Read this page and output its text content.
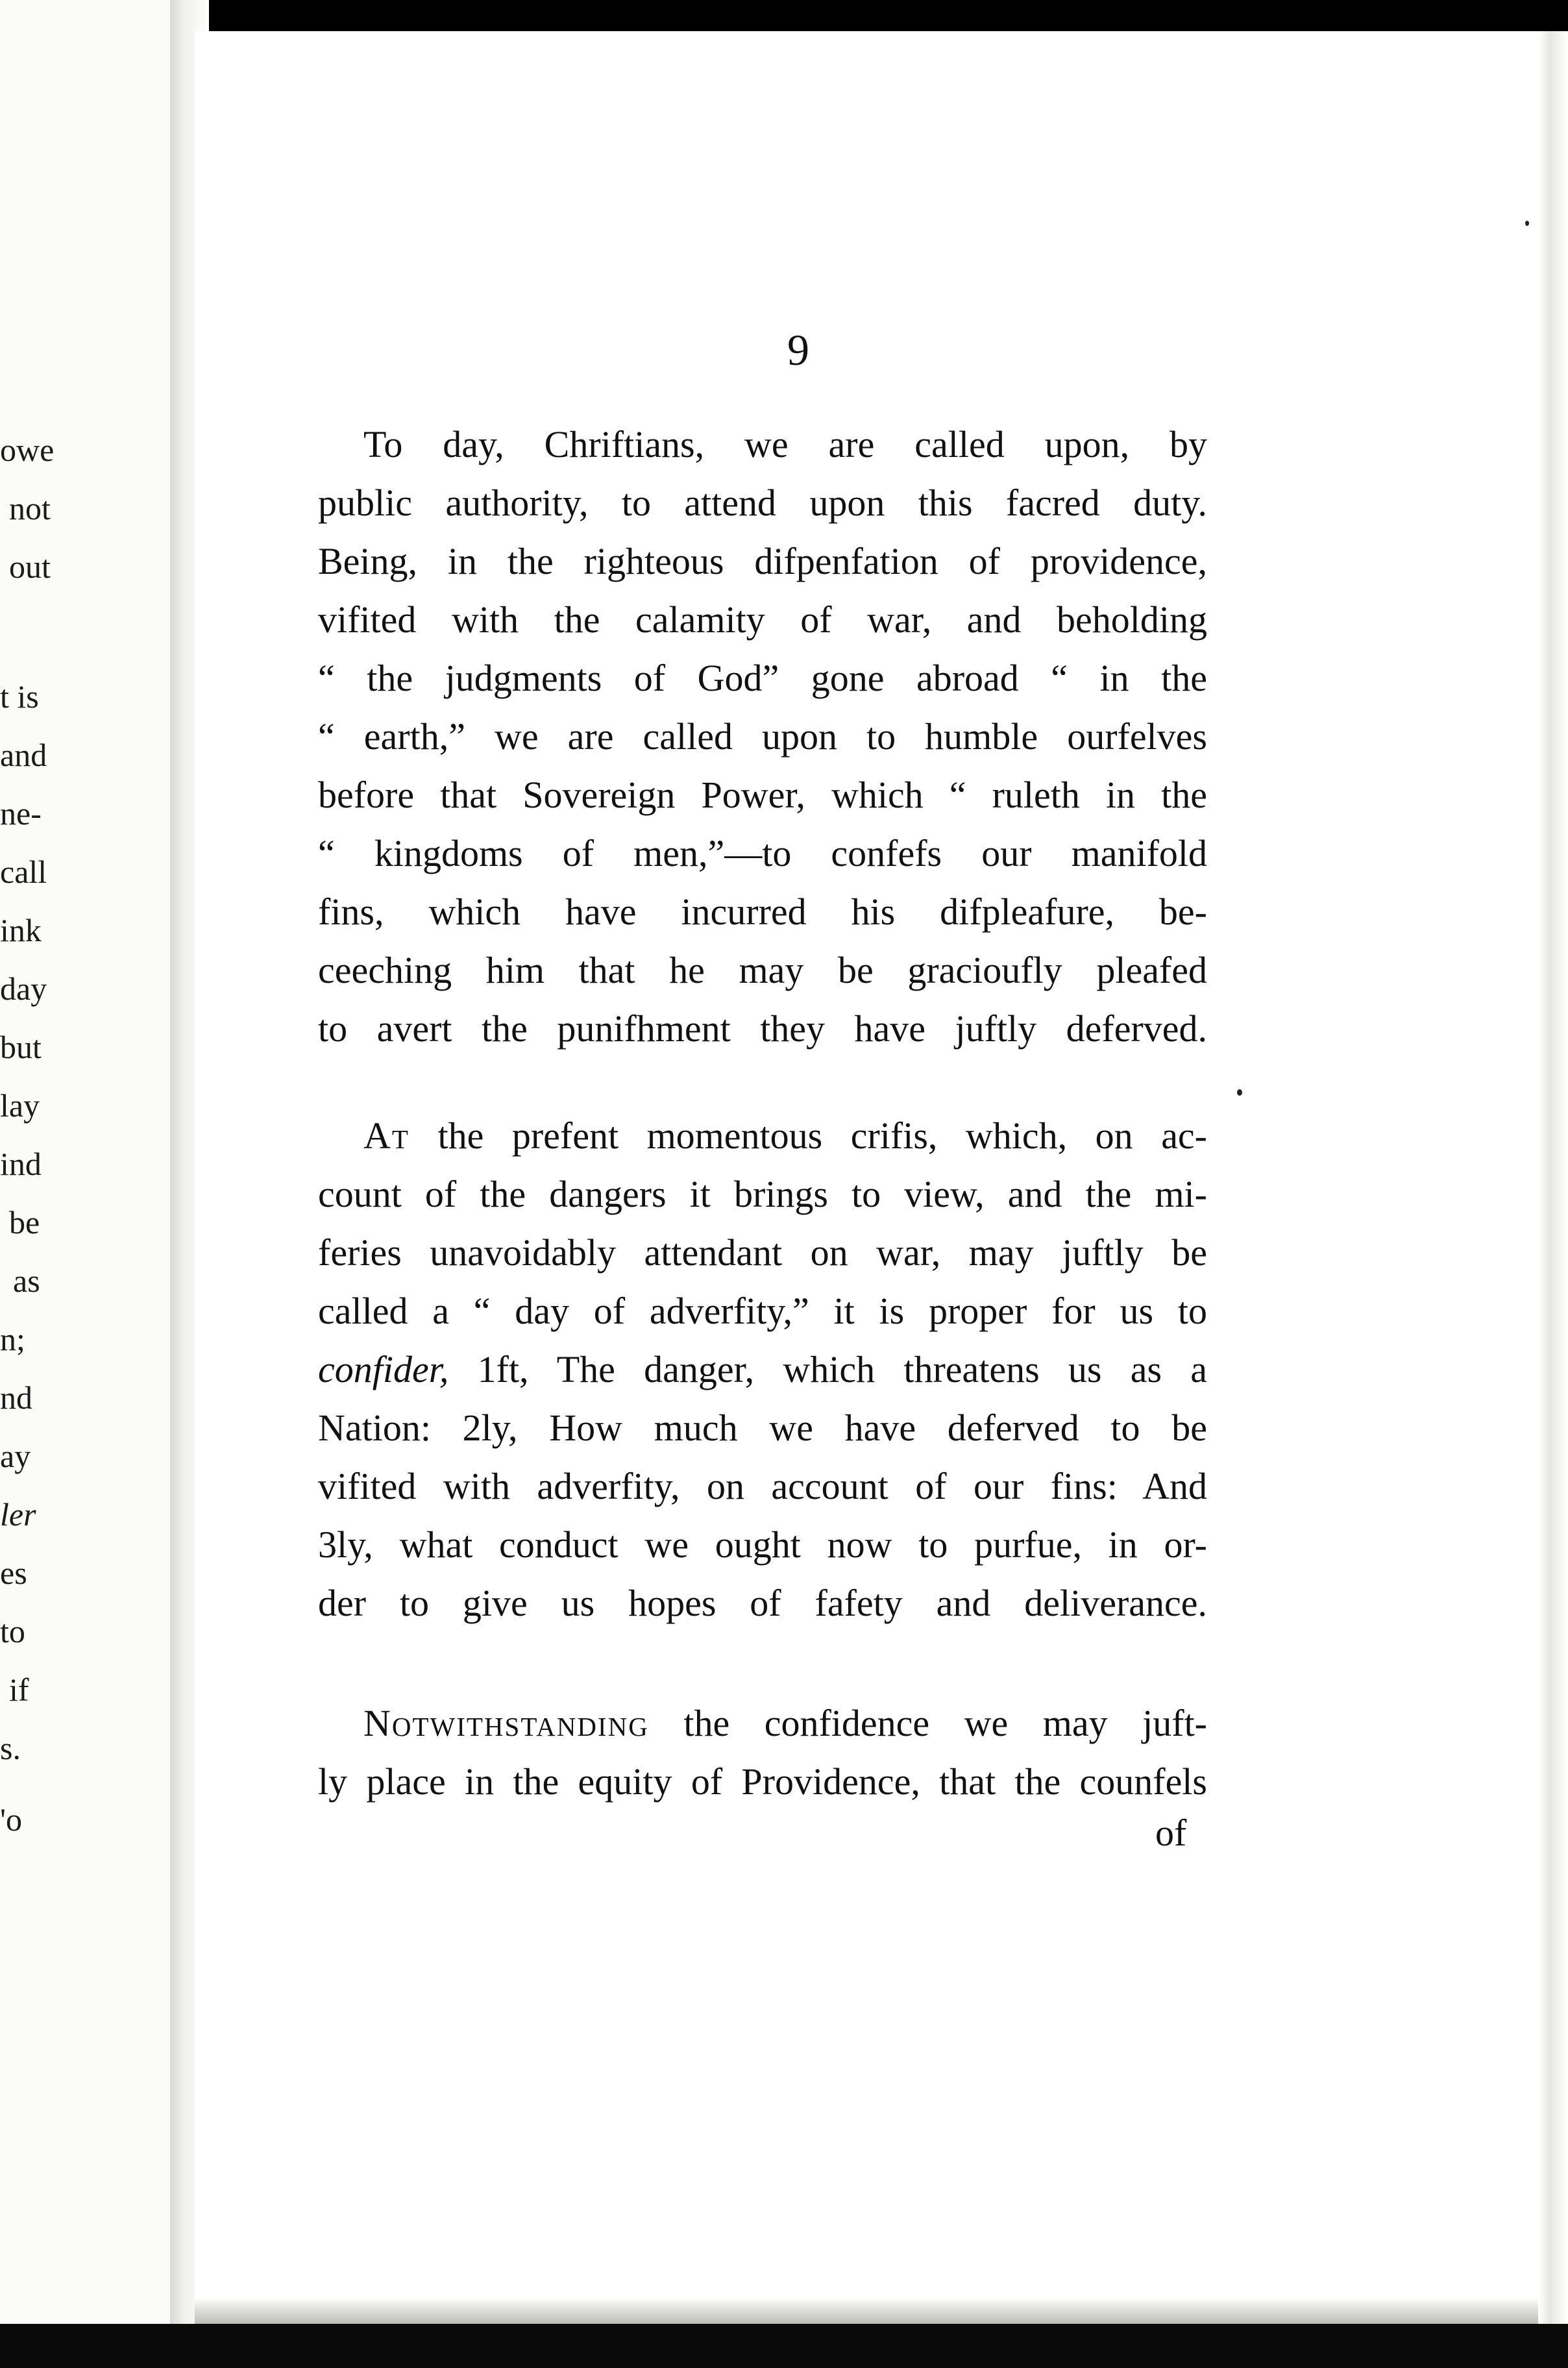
owe
not
out
t is
and
ne-
call
ink
day
but
lay
ind
be
as
n;
nd
ay
ler
es
to
if
s.
'o
9
To day, Chriftians, we are called upon, by
public authority, to attend upon this facred duty.
Being, in the righteous difpenfation of providence,
vifited with the calamity of war, and beholding
“ the judgments of God” gone abroad “ in the
“ earth,” we are called upon to humble ourfelves
before that Sovereign Power, which “ ruleth in the
“ kingdoms of men,”—to confefs our manifold
fins, which have incurred his difpleafure, be-
ceeching him that he may be gracioufly pleafed
to avert the punifhment they have juftly deferved.
At the prefent momentous crifis, which, on ac-
count of the dangers it brings to view, and the mi-
feries unavoidably attendant on war, may juftly be
called a “ day of adverfity,” it is proper for us to
confider, 1ft, The danger, which threatens us as a
Nation: 2ly, How much we have deferved to be
vifited with adverfity, on account of our fins: And
3ly, what conduct we ought now to purfue, in or-
der to give us hopes of fafety and deliverance.
Notwithstanding the confidence we may juft-
ly place in the equity of Providence, that the counfels
of
